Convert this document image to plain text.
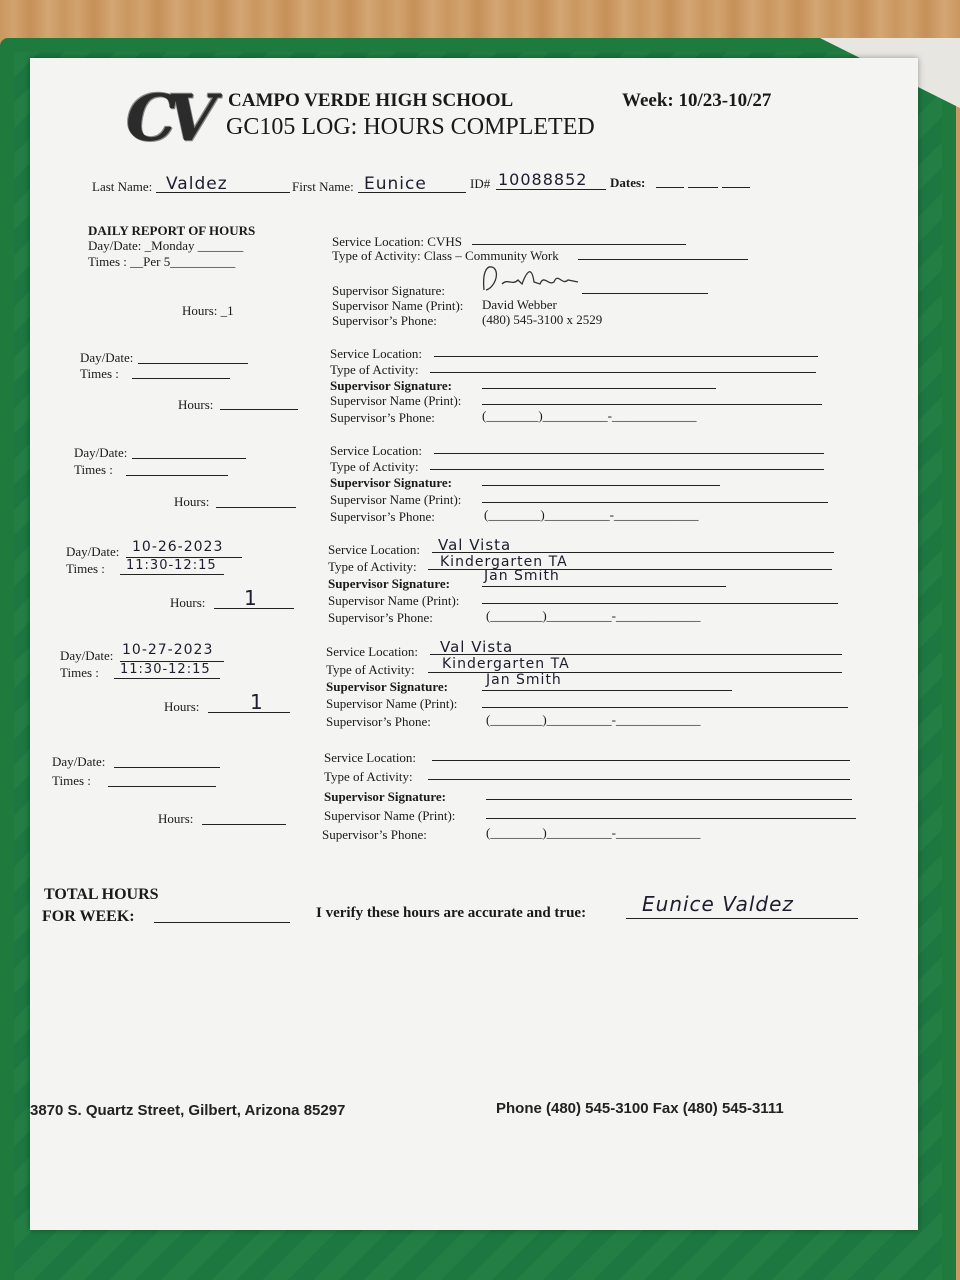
CV	CAMPO VERDE HIGH SCHOOL	Week: 10/23-10/27
GC105 LOG: HOURS COMPLETED
Last Name: Valdez	First Name: Eunice	ID# 10088852 Dates:
DAILY REPORT OF HOURS
Day/Date: _Monday _______
Times : __Per 5__________
Hours: _1
Service Location: CVHS
Type of Activity: Class – Community Work
Supervisor Signature:
Supervisor Name (Print): David Webber
Supervisor’s Phone:	(480) 545-3100 x 2529
Day/Date:
Times :
Hours:
Service Location:
Type of Activity:
Supervisor Signature:
Supervisor Name (Print):
Supervisor’s Phone:	(________)__________-_____________
Day/Date:
Times :
Hours:
Service Location:
Type of Activity:
Supervisor Signature:
Supervisor Name (Print):
Supervisor’s Phone:	(________)__________-_____________
Day/Date: 10-26-2023
Times : 11:30-12:15
Hours: 1
Service Location: Val Vista
Type of Activity: Kindergarten TA
Supervisor Signature: Jan Smith
Supervisor Name (Print):
Supervisor’s Phone:	(________)__________-_____________
Day/Date: 10-27-2023
Times : 11:30-12:15
Hours:	1
Service Location: Val Vista
Type of Activity: Kindergarten TA
Supervisor Signature:	Jan Smith
Supervisor Name (Print):
Supervisor’s Phone:	(________)__________-_____________
Day/Date:
Times :
Hours:
Service Location:
Type of Activity:
Supervisor Signature:
Supervisor Name (Print):
Supervisor’s Phone:	(________)__________-_____________
TOTAL HOURS
FOR WEEK:	I verify these hours are accurate and true:	Eunice Valdez
3870 S. Quartz Street, Gilbert, Arizona 85297	Phone (480) 545-3100 Fax (480) 545-3111
